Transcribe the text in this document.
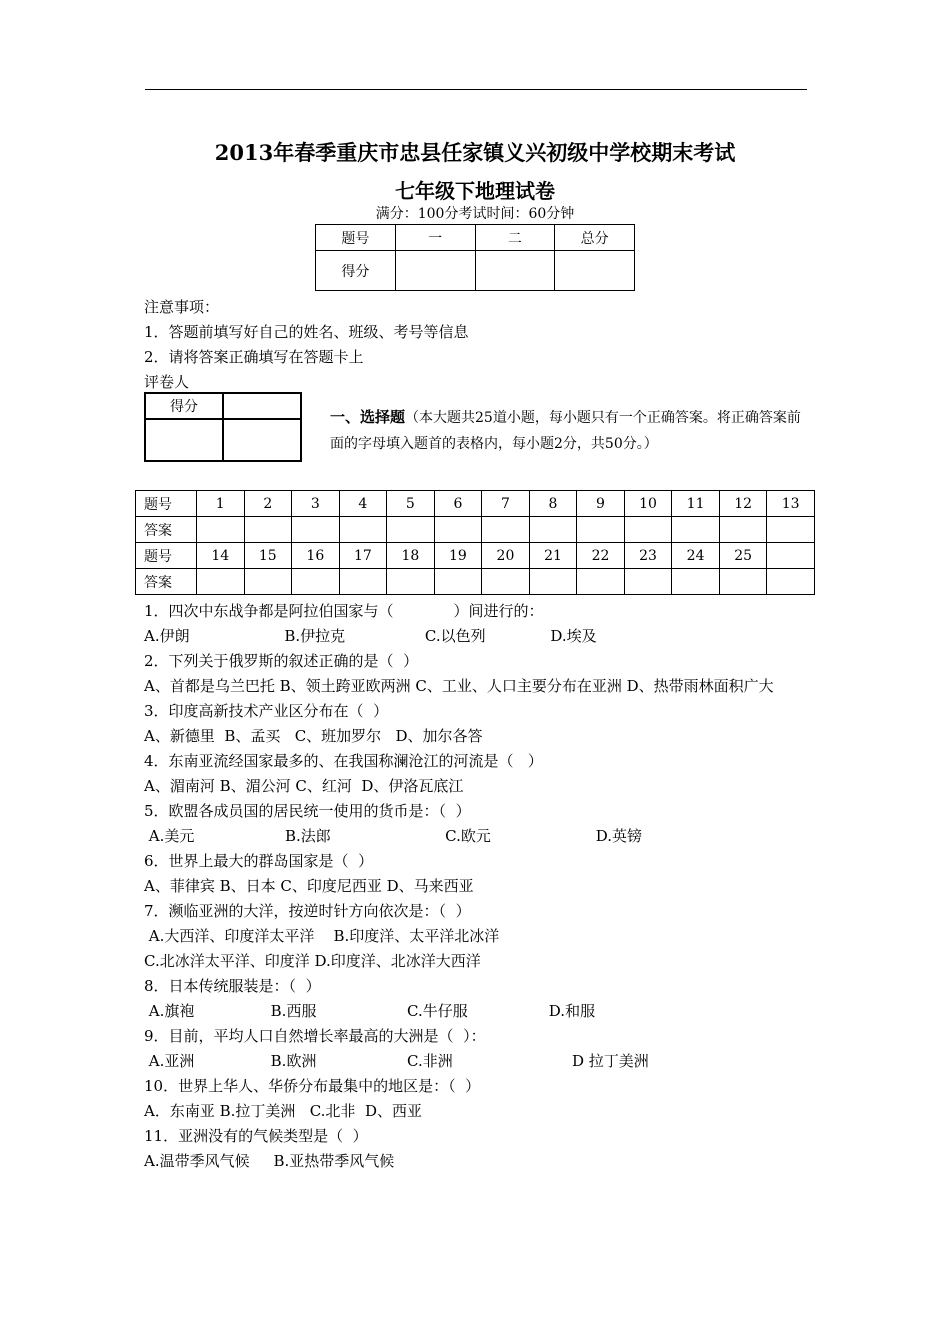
2013年春季重庆市忠县任家镇义兴初级中学校期末考试
七年级下地理试卷
满分：100分考试时间：60分钟
题号	一	二	总分
得分			
注意事项：
1．答题前填写好自己的姓名、班级、考号等信息
2．请将答案正确填写在答题卡上
评卷人
得分	

一、选择题（本大题共25道小题，每小题只有一个正确答案。将正确答案前面的字母填入题首的表格内，每小题2分，共50分。）
题号	1	2	3	4	5	6	7	8	9	10	11	12	13
答案													
题号	14	15	16	17	18	19	20	21	22	23	24	25	
答案													
1．四次中东战争都是阿拉伯国家与（　　　　）间进行的：
A.伊朗　　　　　　 B.伊拉克　　　　　 C.以色列　　　　 D.埃及
2．下列关于俄罗斯的叙述正确的是（  ）
A、首都是乌兰巴托 B、领土跨亚欧两洲 C、工业、人口主要分布在亚洲 D、热带雨林面积广大
3．印度高新技术产业区分布在（  ）
A、新德里  B、孟买   C、班加罗尔   D、加尔各答
4．东南亚流经国家最多的、在我国称澜沧江的河流是（   ）
A、湄南河 B、湄公河 C、红河  D、伊洛瓦底江
5．欧盟各成员国的居民统一使用的货币是：（  ）
A.美元                   B.法郎                        C.欧元                      D.英镑
6．世界上最大的群岛国家是（  ）
A、菲律宾 B、日本 C、印度尼西亚 D、马来西亚
7．濒临亚洲的大洋，按逆时针方向依次是：（  ）
A.大西洋、印度洋太平洋    B.印度洋、太平洋北冰洋
C.北冰洋太平洋、印度洋 D.印度洋、北冰洋大西洋
8．日本传统服装是：（  ）
A.旗袍                B.西服                   C.牛仔服                 D.和服
9．目前，平均人口自然增长率最高的大洲是（  ）：
A.亚洲                B.欧洲                   C.非洲                         D 拉丁美洲
10．世界上华人、华侨分布最集中的地区是：（  ）
A．东南亚 B.拉丁美洲   C.北非  D、西亚
11．亚洲没有的气候类型是（  ）
A.温带季风气候     B.亚热带季风气候
